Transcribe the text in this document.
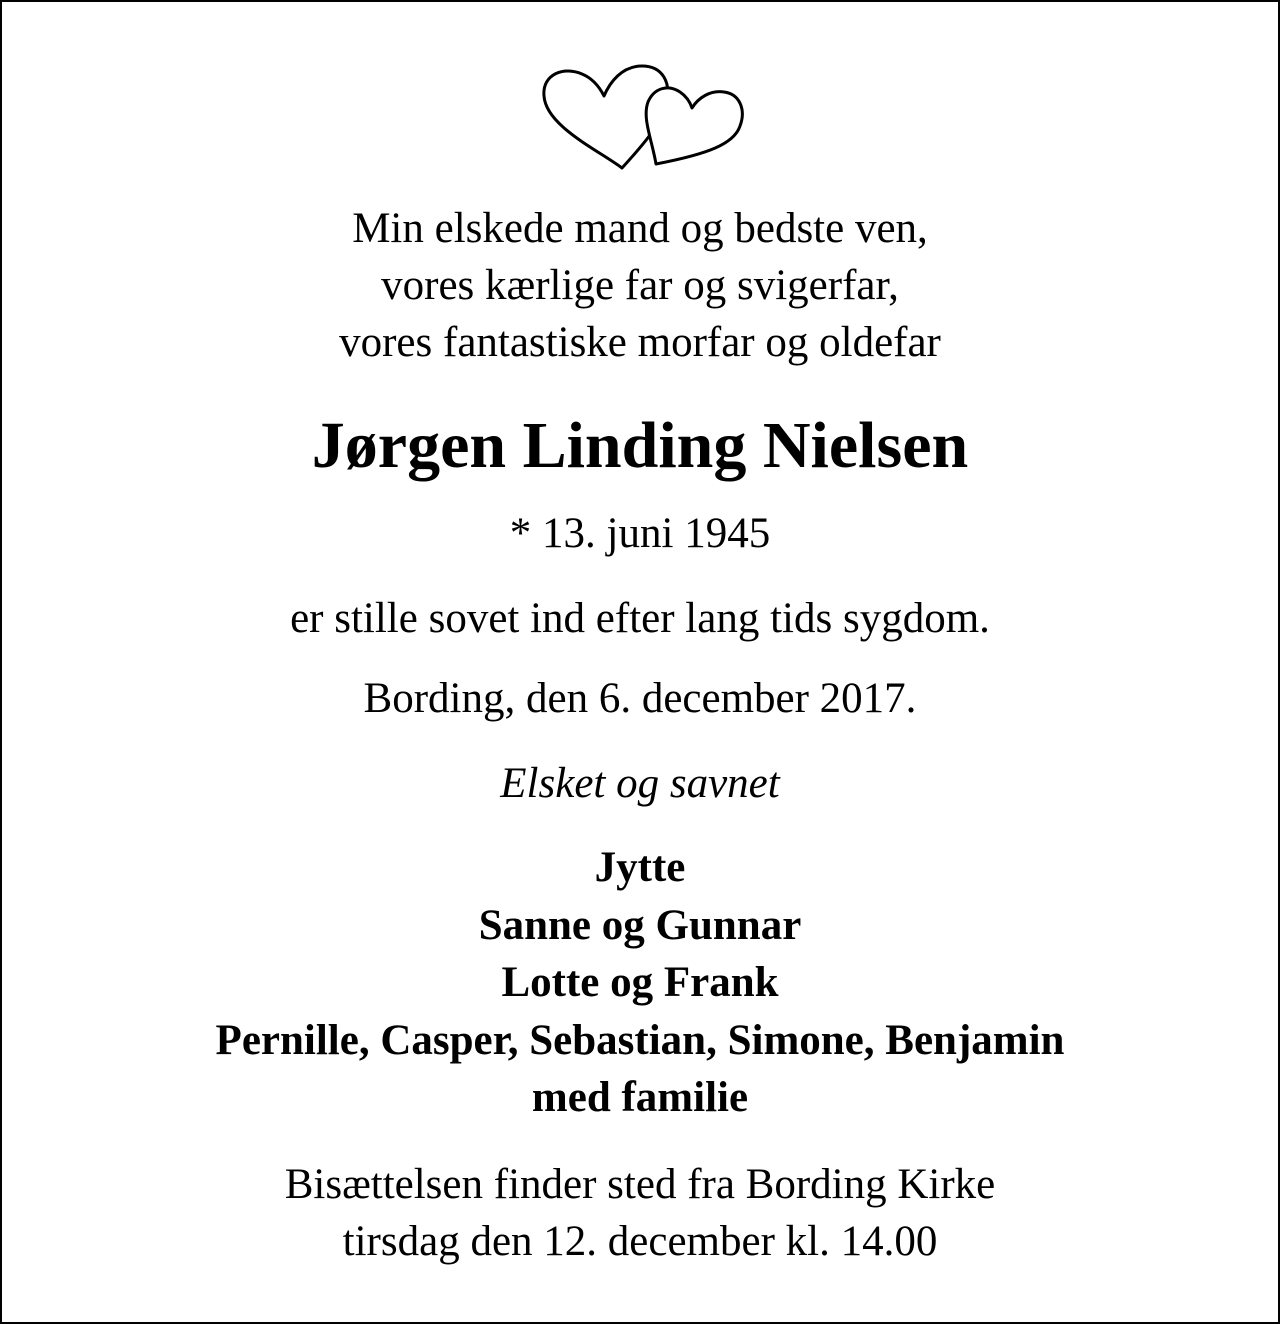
Min elskede mand og bedste ven,
vores kærlige far og svigerfar,
vores fantastiske morfar og oldefar
Jørgen Linding Nielsen
* 13. juni 1945
er stille sovet ind efter lang tids sygdom.
Bording, den 6. december 2017.
Elsket og savnet
Jytte
Sanne og Gunnar
Lotte og Frank
Pernille, Casper, Sebastian, Simone, Benjamin
med familie
Bisættelsen finder sted fra Bording Kirke
tirsdag den 12. december kl. 14.00
